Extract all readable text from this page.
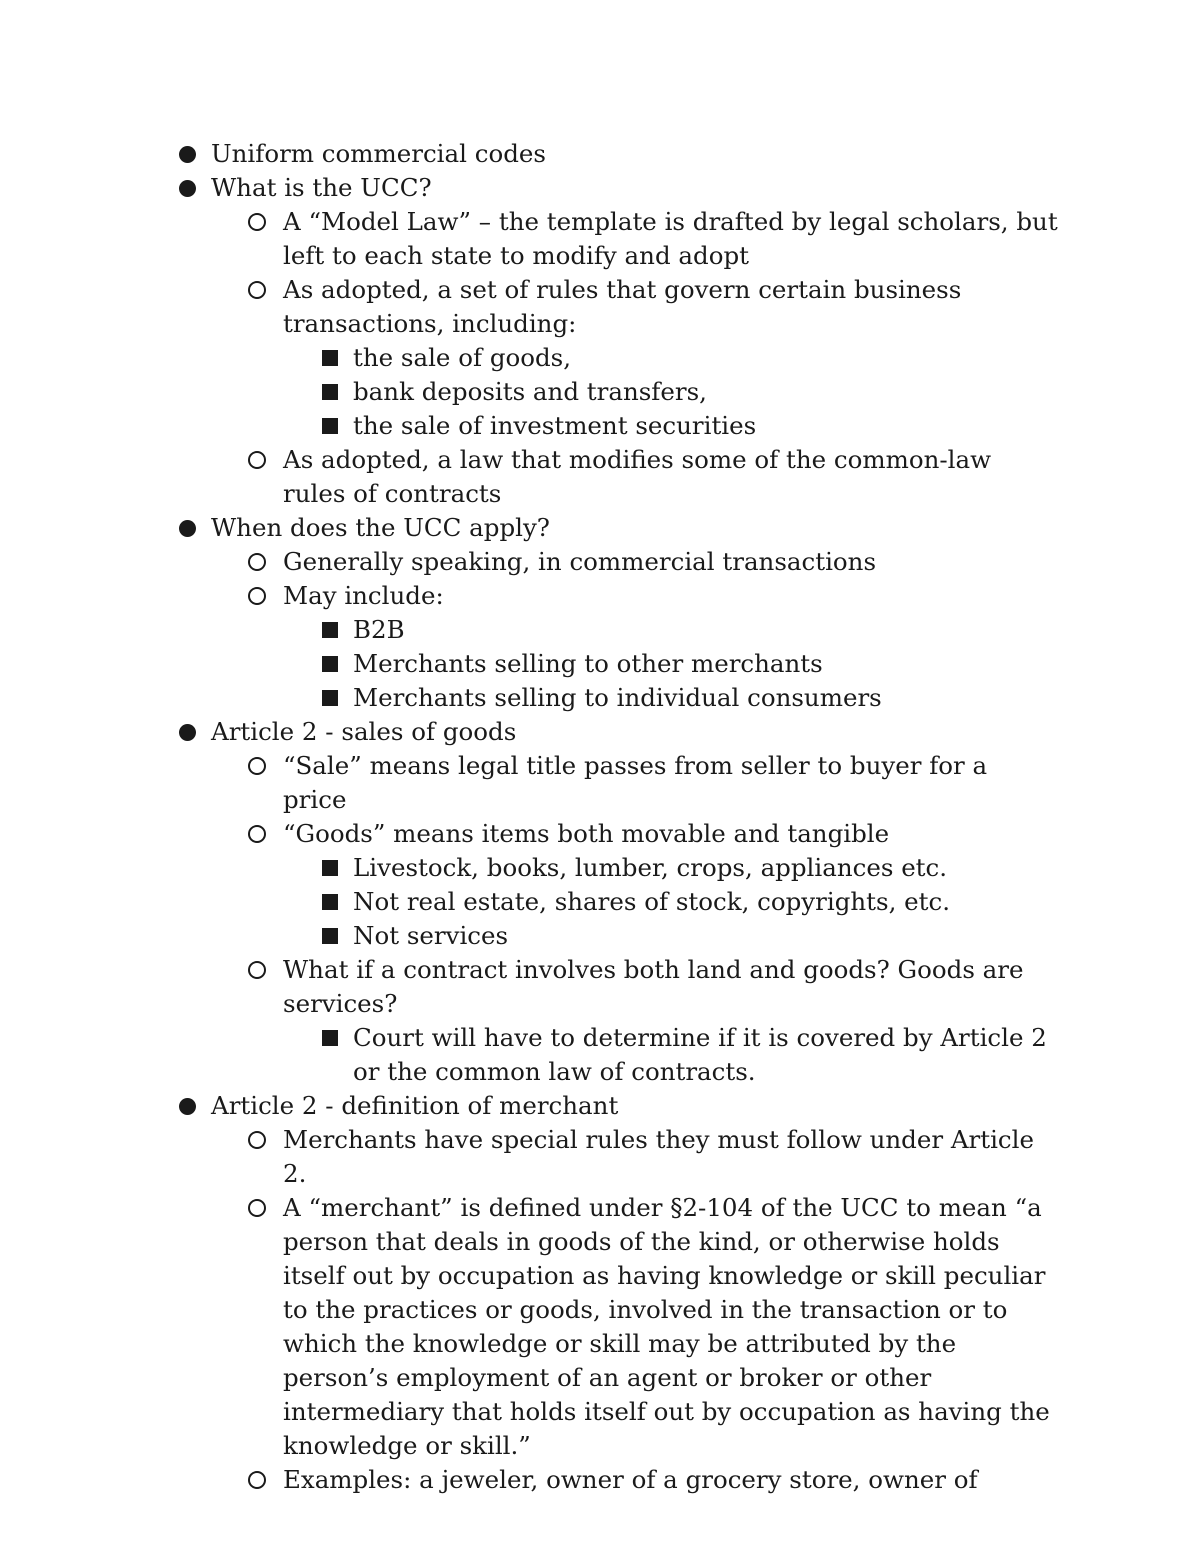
Uniform commercial codes
What is the UCC?
A “Model Law” – the template is drafted by legal scholars, but left to each state to modify and adopt
As adopted, a set of rules that govern certain business transactions, including:
the sale of goods,
bank deposits and transfers,
the sale of investment securities
As adopted, a law that modifies some of the common-law rules of contracts
When does the UCC apply?
Generally speaking, in commercial transactions
May include:
B2B
Merchants selling to other merchants
Merchants selling to individual consumers
Article 2 - sales of goods
“Sale” means legal title passes from seller to buyer for a price
“Goods” means items both movable and tangible
Livestock, books, lumber, crops, appliances etc.
Not real estate, shares of stock, copyrights, etc.
Not services
What if a contract involves both land and goods? Goods are services?
Court will have to determine if it is covered by Article 2 or the common law of contracts.
Article 2 - definition of merchant
Merchants have special rules they must follow under Article 2.
A “merchant” is defined under §2-104 of the UCC to mean “a person that deals in goods of the kind, or otherwise holds itself out by occupation as having knowledge or skill peculiar to the practices or goods, involved in the transaction or to which the knowledge or skill may be attributed by the person’s employment of an agent or broker or other intermediary that holds itself out by occupation as having the knowledge or skill.”
Examples: a jeweler, owner of a grocery store, owner of
